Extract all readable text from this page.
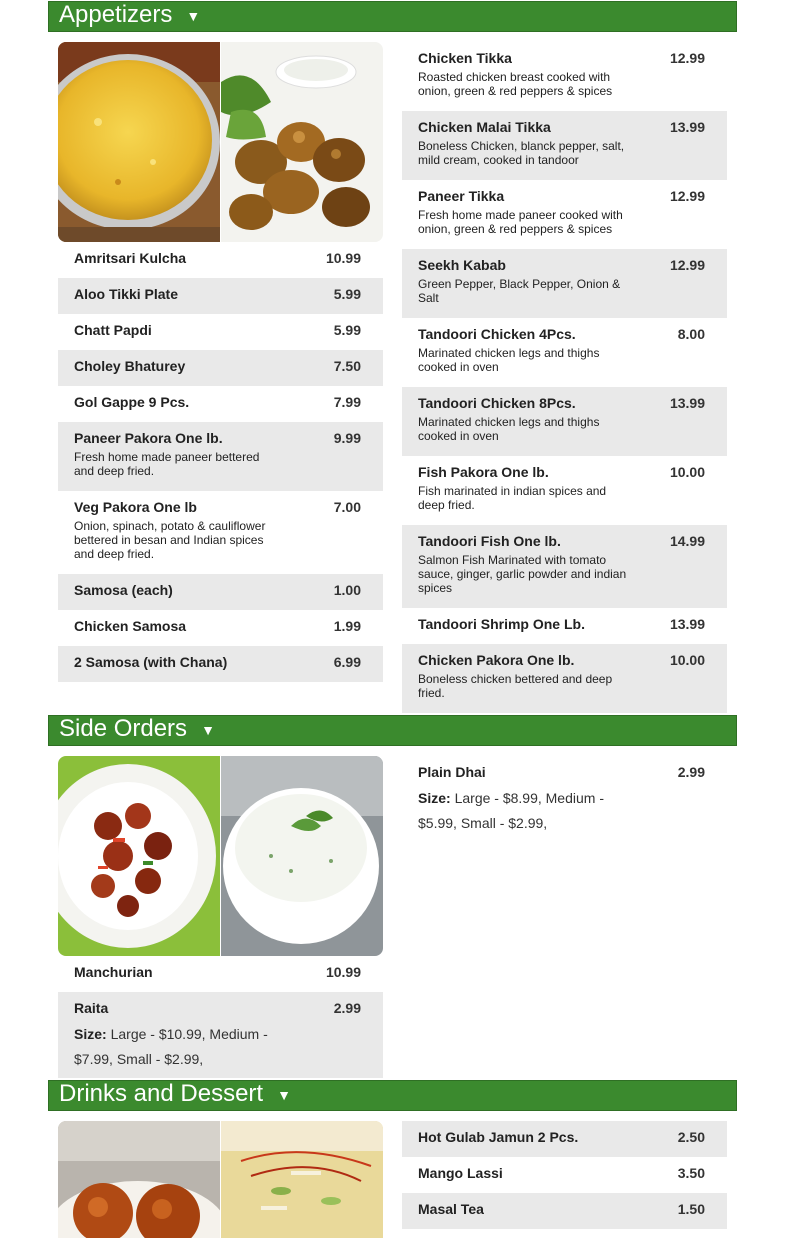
Appetizers ▼
Amritsari Kulcha	10.99
Aloo Tikki Plate	5.99
Chatt Papdi	5.99
Choley Bhaturey	7.50
Gol Gappe 9 Pcs.	7.99
Paneer Pakora One lb.	9.99
Fresh home made paneer bettered and deep fried.
Veg Pakora One lb	7.00
Onion, spinach, potato & cauliflower bettered in besan and Indian spices and deep fried.
Samosa (each)	1.00
Chicken Samosa	1.99
2 Samosa (with Chana)	6.99
Chicken Tikka	12.99
Roasted chicken breast cooked with onion, green & red peppers & spices
Chicken Malai Tikka	13.99
Boneless Chicken, blanck pepper, salt, mild cream, cooked in tandoor
Paneer Tikka	12.99
Fresh home made paneer cooked with onion, green & red peppers & spices
Seekh Kabab	12.99
Green Pepper, Black Pepper, Onion & Salt
Tandoori Chicken 4Pcs.	8.00
Marinated chicken legs and thighs cooked in oven
Tandoori Chicken 8Pcs.	13.99
Marinated chicken legs and thighs cooked in oven
Fish Pakora One lb.	10.00
Fish marinated in indian spices and deep fried.
Tandoori Fish One lb.	14.99
Salmon Fish Marinated with tomato sauce, ginger, garlic powder and indian spices
Tandoori Shrimp One Lb.	13.99
Chicken Pakora One lb.	10.00
Boneless chicken bettered and deep fried.
Side Orders ▼
Manchurian	10.99
Raita	2.99
Size: Large - $10.99, Medium - $7.99, Small - $2.99,
Plain Dhai	2.99
Size: Large - $8.99, Medium - $5.99, Small - $2.99,
Drinks and Dessert ▼
Hot Gulab Jamun 2 Pcs.	2.50
Mango Lassi	3.50
Masal Tea	1.50
